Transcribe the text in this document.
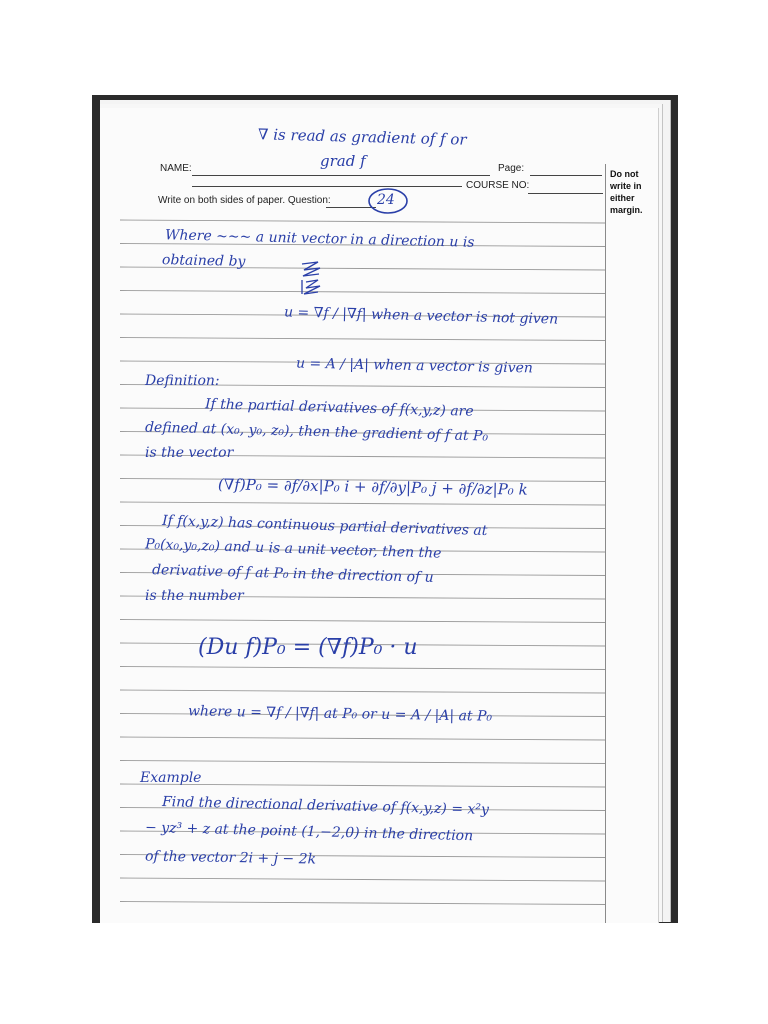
NAME:	Page:
COURSE NO:
Write on both sides of paper. Question:
Do not write in either margin.
∇ is read as gradient of f or
grad f
24
Where ~~~ a unit vector in a direction u is
obtained by
u = ∇f / |∇f| when a vector is not given
u = A / |A| when a vector is given
Definition:
If the partial derivatives of f(x,y,z) are
defined at (x₀, y₀, z₀), then the gradient of f at P₀
is the vector
(∇f)P₀ = ∂f/∂x|P₀ i + ∂f/∂y|P₀ j + ∂f/∂z|P₀ k
If f(x,y,z) has continuous partial derivatives at
P₀(x₀,y₀,z₀) and u is a unit vector, then the
derivative of f at P₀ in the direction of u
is the number
(Du f)P₀ = (∇f)P₀ · u
where u = ∇f / |∇f| at P₀ or u = A / |A| at P₀
Example
Find the directional derivative of f(x,y,z) = x²y
− yz³ + z at the point (1,−2,0) in the direction
of the vector 2i + j − 2k
